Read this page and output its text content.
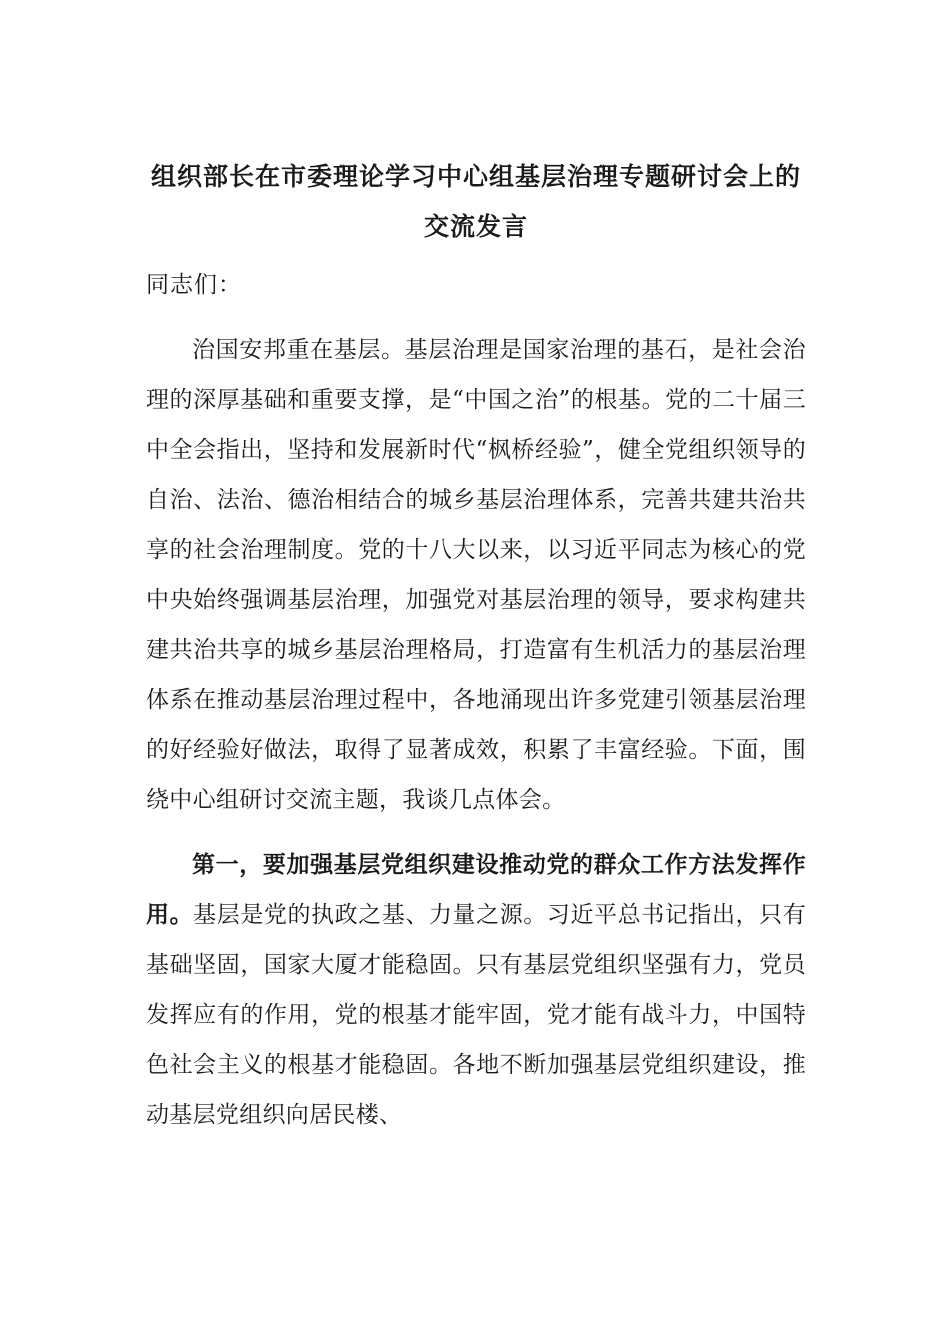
组织部长在市委理论学习中心组基层治理专题研讨会上的
交流发言

同志们：

治国安邦重在基层。基层治理是国家治理的基石，是社会治理的深厚基础和重要支撑，是“中国之治”的根基。党的二十届三中全会指出，坚持和发展新时代“枫桥经验”，健全党组织领导的自治、法治、德治相结合的城乡基层治理体系，完善共建共治共享的社会治理制度。党的十八大以来，以习近平同志为核心的党中央始终强调基层治理，加强党对基层治理的领导，要求构建共建共治共享的城乡基层治理格局，打造富有生机活力的基层治理体系在推动基层治理过程中，各地涌现出许多党建引领基层治理的好经验好做法，取得了显著成效，积累了丰富经验。下面，围绕中心组研讨交流主题，我谈几点体会。

第一，要加强基层党组织建设推动党的群众工作方法发挥作用。基层是党的执政之基、力量之源。习近平总书记指出，只有基础坚固，国家大厦才能稳固。只有基层党组织坚强有力，党员发挥应有的作用，党的根基才能牢固，党才能有战斗力，中国特色社会主义的根基才能稳固。各地不断加强基层党组织建设，推动基层党组织向居民楼、
